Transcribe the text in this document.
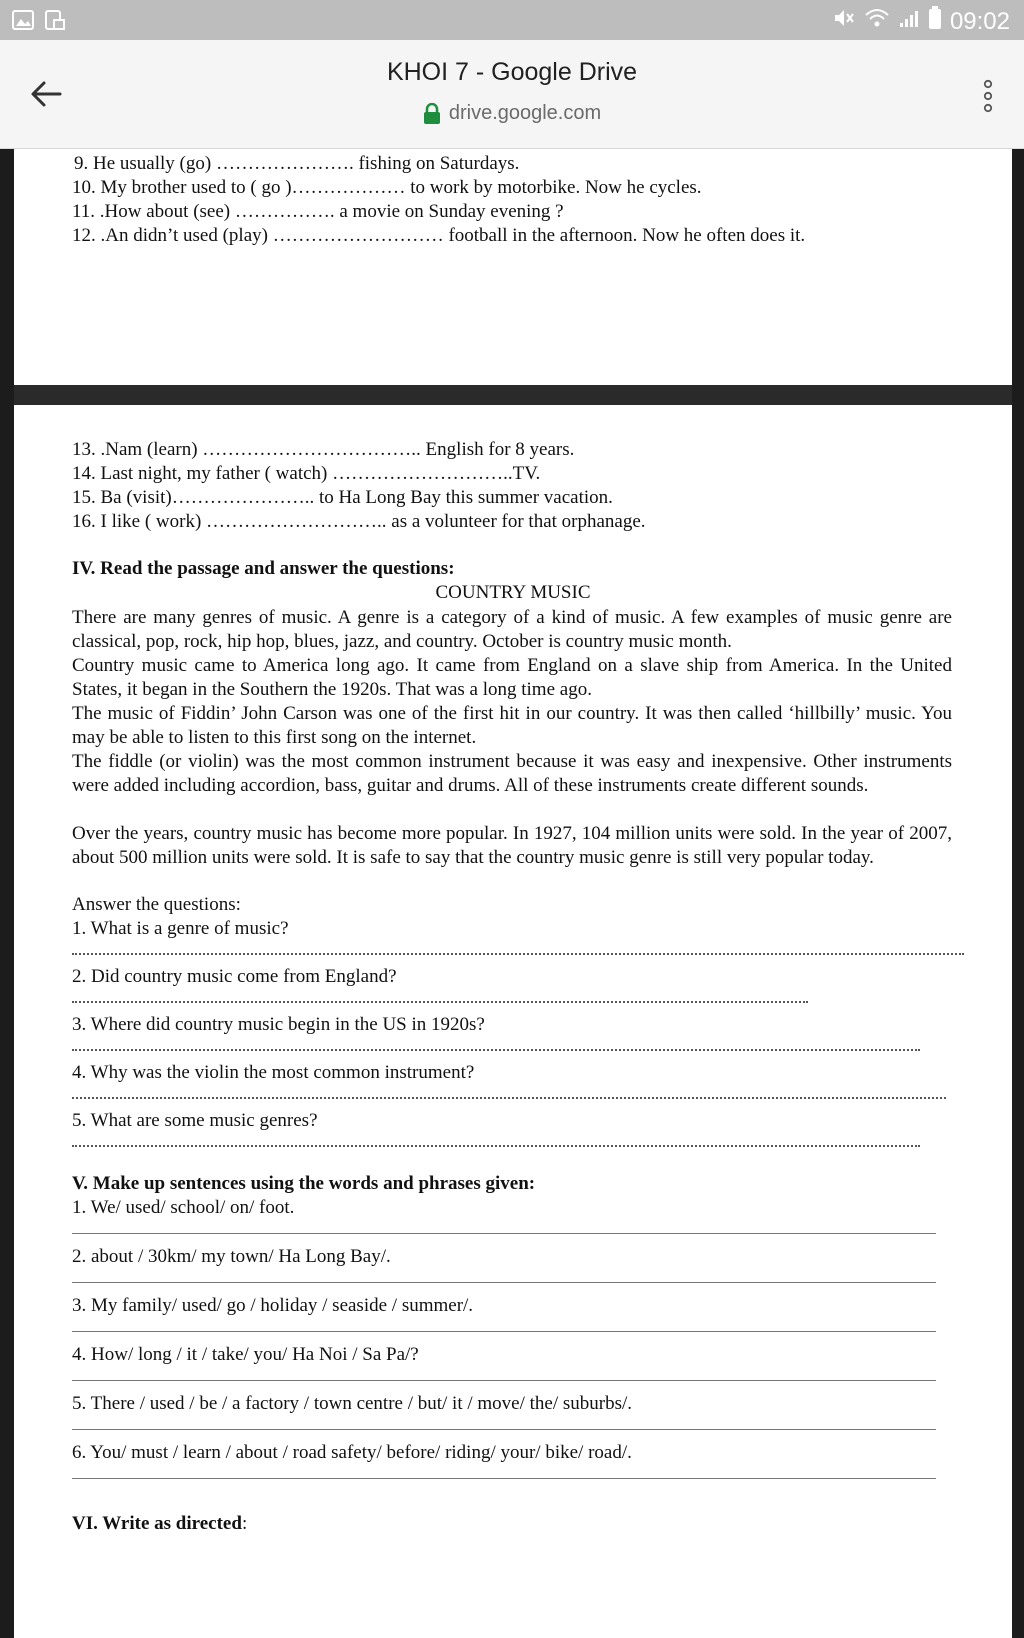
09:02
KHOI 7 - Google Drive
drive.google.com
9. He usually (go) …………………. fishing on Saturdays.
10. My brother used to ( go )……………… to work by motorbike. Now he cycles.
11. .How about (see) ……………. a movie on Sunday evening ?
12. .An didn’t used (play) ……………………… football in the afternoon. Now he often does it.
13. .Nam (learn) …………………………….. English for 8 years.
14. Last night, my father ( watch) ………………………..TV.
15. Ba (visit)………………….. to Ha Long Bay this summer vacation.
16. I like ( work) ……………………….. as a volunteer for that orphanage.
IV. Read the passage and answer the questions:
COUNTRY MUSIC

There are many genres of music. A genre is a category of a kind of music. A few examples of music genre are classical, pop, rock, hip hop, blues, jazz, and country. October is country music month.

Country music came to America long ago. It came from England on a slave ship from America. In the United States, it began in the Southern the 1920s. That was a long time ago.

The music of Fiddin’ John Carson was one of the first hit in our country. It was then called ‘hillbilly’ music. You may be able to listen to this first song on the internet.

The fiddle (or violin) was the most common instrument because it was easy and inexpensive. Other instruments were added including accordion, bass, guitar and drums. All of these instruments create different sounds.

Over the years, country music has become more popular. In 1927, 104 million units were sold. In the year of 2007, about 500 million units were sold. It is safe to say that the country music genre is still very popular today.

Answer the questions:
1. What is a genre of music?
2. Did country music come from England?
3. Where did country music begin in the US in 1920s?
4. Why was the violin the most common instrument?
5. What are some music genres?
V. Make up sentences using the words and phrases given:
1. We/ used/ school/ on/ foot.
2. about / 30km/ my town/ Ha Long Bay/.
3. My family/ used/ go / holiday / seaside / summer/.
4. How/ long / it / take/ you/ Ha Noi / Sa Pa/?
5. There / used / be / a factory / town centre / but/ it / move/ the/ suburbs/.
6. You/ must / learn / about / road safety/ before/ riding/ your/ bike/ road/.
VI. Write as directed:
